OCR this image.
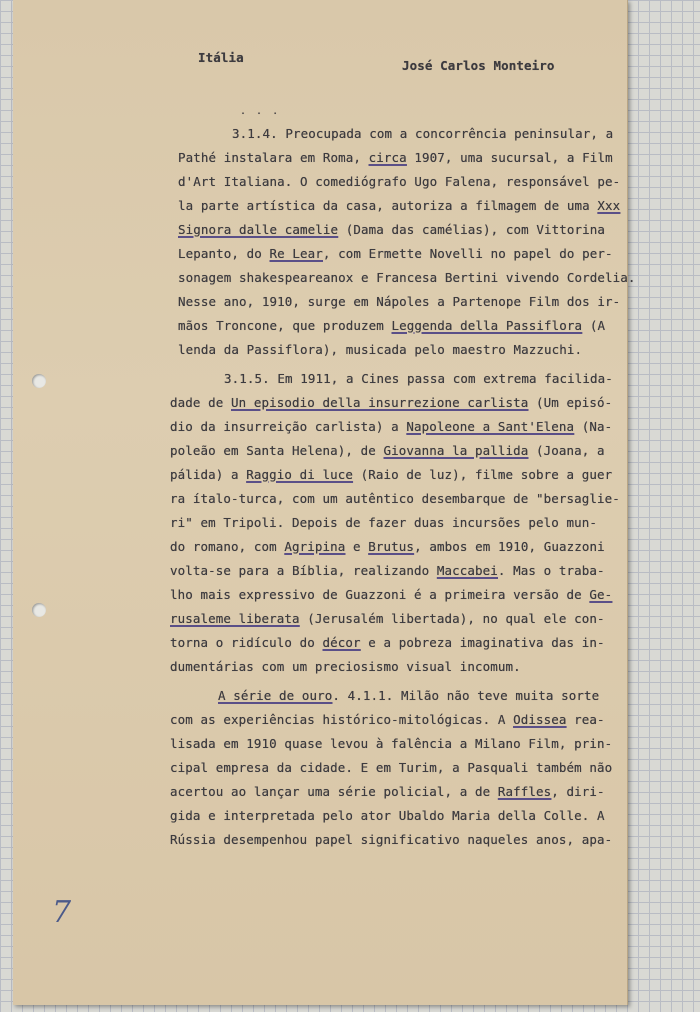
Itália
José Carlos Monteiro
. . .
3.1.4. Preocupada com a concorrência peninsular, a
Pathé instalara em Roma, circa 1907, uma sucursal, a Film
d'Art Italiana. O comediógrafo Ugo Falena, responsável pe-
la parte artística da casa, autoriza a filmagem de uma Xxx
Signora dalle camelie (Dama das camélias), com Vittorina
Lepanto, do Re Lear, com Ermette Novelli no papel do per-
sonagem shakespeareanox e Francesa Bertini vivendo Cordelia.
Nesse ano, 1910, surge em Nápoles a Partenope Film dos ir-
mãos Troncone, que produzem Leggenda della Passiflora (A
lenda da Passiflora), musicada pelo maestro Mazzuchi.
3.1.5. Em 1911, a Cines passa com extrema facilida-
dade de Un episodio della insurrezione carlista (Um episó-
dio da insurreição carlista) a Napoleone a Sant'Elena (Na-
poleão em Santa Helena), de Giovanna la pallida (Joana, a
pálida) a Raggio di luce (Raio de luz), filme sobre a guer
ra ítalo-turca, com um autêntico desembarque de "bersaglie-
ri" em Tripoli. Depois de fazer duas incursões pelo mun-
do romano, com Agripina e Brutus, ambos em 1910, Guazzoni
volta-se para a Bíblia, realizando Maccabei. Mas o traba-
lho mais expressivo de Guazzoni é a primeira versão de Ge-
rusaleme liberata (Jerusalém libertada), no qual ele con-
torna o ridículo do décor e a pobreza imaginativa das in-
dumentárias com um preciosismo visual incomum.
A série de ouro. 4.1.1. Milão não teve muita sorte
com as experiências histórico-mitológicas. A Odissea rea-
lisada em 1910 quase levou à falência a Milano Film, prin-
cipal empresa da cidade. E em Turim, a Pasquali também não
acertou ao lançar uma série policial, a de Raffles, diri-
gida e interpretada pelo ator Ubaldo Maria della Colle. A
Rússia desempenhou papel significativo naqueles anos, apa-
7
